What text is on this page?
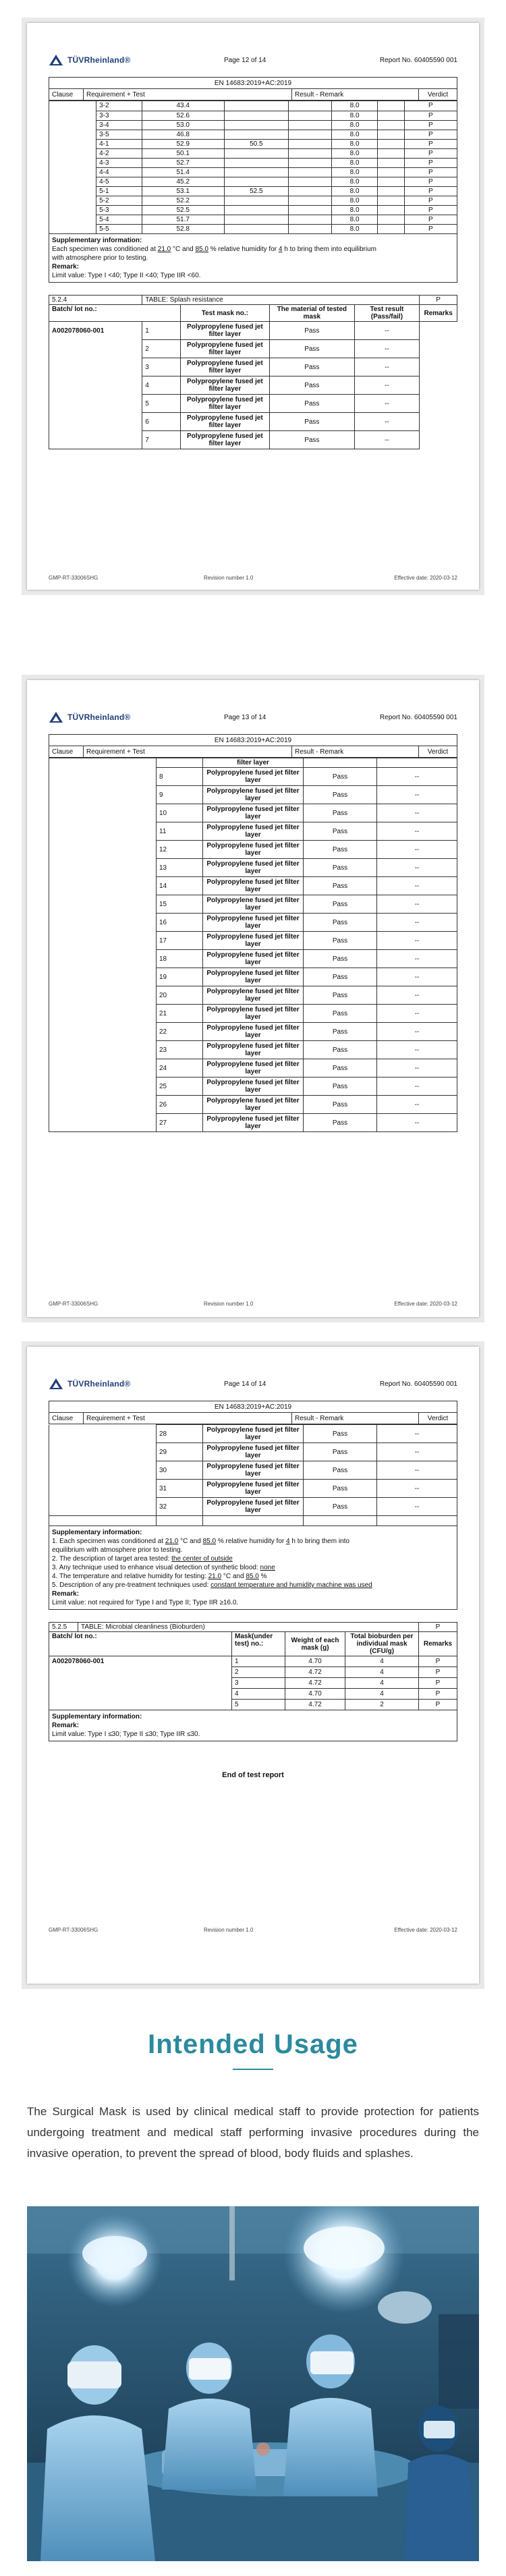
TÜVRheinland®	Page 12 of 14	Report No. 60405590 001
EN 14683:2019+AC:2019
Clause	Requirement + Test	Result - Remark	Verdict
	3-2	43.4			8.0		P
	3-3	52.6			8.0		P
	3-4	53.0			8.0		P
	3-5	46.8			8.0		P
	4-1	52.9	50.5		8.0		P
	4-2	50.1			8.0		P
	4-3	52.7			8.0		P
	4-4	51.4			8.0		P
	4-5	45.2			8.0		P
	5-1	53.1	52.5		8.0		P
	5-2	52.2			8.0		P
	5-3	52.5			8.0		P
	5-4	51.7			8.0		P
	5-5	52.8			8.0		P
Supplementary information:
Each specimen was conditioned at 21.0 °C and 85.0 % relative humidity for 4 h to bring them into equilibrium
with atmosphere prior to testing.
Remark:
Limit value: Type I <40; Type II <40; Type IIR <60.
5.2.4	TABLE: Splash resistance				P
Batch/ lot no.:		Test mask no.:	The material of tested mask	Test result (Pass/fail)	Remarks
A002078060-001	1	Polypropylene fused jet filter layer	Pass	--	
	2	Polypropylene fused jet filter layer	Pass	--	
	3	Polypropylene fused jet filter layer	Pass	--	
	4	Polypropylene fused jet filter layer	Pass	--	
	5	Polypropylene fused jet filter layer	Pass	--	
	6	Polypropylene fused jet filter layer	Pass	--	
	7	Polypropylene fused jet filter layer	Pass	--	
GMP-RT-33006SHG	Revision number 1.0	Effective date: 2020-03-12
TÜVRheinland®	Page 13 of 14	Report No. 60405590 001
EN 14683:2019+AC:2019
Clause	Requirement + Test	Result - Remark	Verdict
		filter layer		
	8	Polypropylene fused jet filter layer	Pass	--
	9	Polypropylene fused jet filter layer	Pass	--
	10	Polypropylene fused jet filter layer	Pass	--
	11	Polypropylene fused jet filter layer	Pass	--
	12	Polypropylene fused jet filter layer	Pass	--
	13	Polypropylene fused jet filter layer	Pass	--
	14	Polypropylene fused jet filter layer	Pass	--
	15	Polypropylene fused jet filter layer	Pass	--
	16	Polypropylene fused jet filter layer	Pass	--
	17	Polypropylene fused jet filter layer	Pass	--
	18	Polypropylene fused jet filter layer	Pass	--
	19	Polypropylene fused jet filter layer	Pass	--
	20	Polypropylene fused jet filter layer	Pass	--
	21	Polypropylene fused jet filter layer	Pass	--
	22	Polypropylene fused jet filter layer	Pass	--
	23	Polypropylene fused jet filter layer	Pass	--
	24	Polypropylene fused jet filter layer	Pass	--
	25	Polypropylene fused jet filter layer	Pass	--
	26	Polypropylene fused jet filter layer	Pass	--
	27	Polypropylene fused jet filter layer	Pass	--
GMP-RT-33006SHG	Revision number 1.0	Effective date: 2020-03-12
TÜVRheinland®	Page 14 of 14	Report No. 60405590 001
EN 14683:2019+AC:2019
Clause	Requirement + Test	Result - Remark	Verdict
	28	Polypropylene fused jet filter layer	Pass	--
	29	Polypropylene fused jet filter layer	Pass	--
	30	Polypropylene fused jet filter layer	Pass	--
	31	Polypropylene fused jet filter layer	Pass	--
	32	Polypropylene fused jet filter layer	Pass	--

Supplementary information:
1. Each specimen was conditioned at 21.0 °C and 85.0 % relative humidity for 4 h to bring them into
equilibrium with atmosphere prior to testing.
2. The description of target area tested: the center of outside
3. Any technique used to enhance visual detection of synthetic blood: none
4. The temperature and relative humidity for testing: 21.0 °C and 85.0 %
5. Description of any pre-treatment techniques used: constant temperature and humidity machine was used
Remark:
Limit value: not required for Type I and Type II; Type IIR ≥16.0.
5.2.5	TABLE: Microbial cleanliness (Bioburden)				P
Batch/ lot no.:		Mask(under test) no.:	Weight of each mask (g)	Total bioburden per individual mask (CFU/g)	Remarks
A002078060-001		1	4.70	4	P
		2	4.72	4	P
		3	4.72	4	P
		4	4.70	4	P
		5	4.72	2	P
Supplementary information:
Remark:
Limit value: Type I ≤30; Type II ≤30; Type IIR ≤30.
End of test report
GMP-RT-33006SHG	Revision number 1.0	Effective date: 2020-03-12
Intended Usage
The Surgical Mask is used by clinical medical staff to provide protection for patients undergoing treatment and medical staff performing invasive procedures during the invasive operation, to prevent the spread of blood, body fluids and splashes.
